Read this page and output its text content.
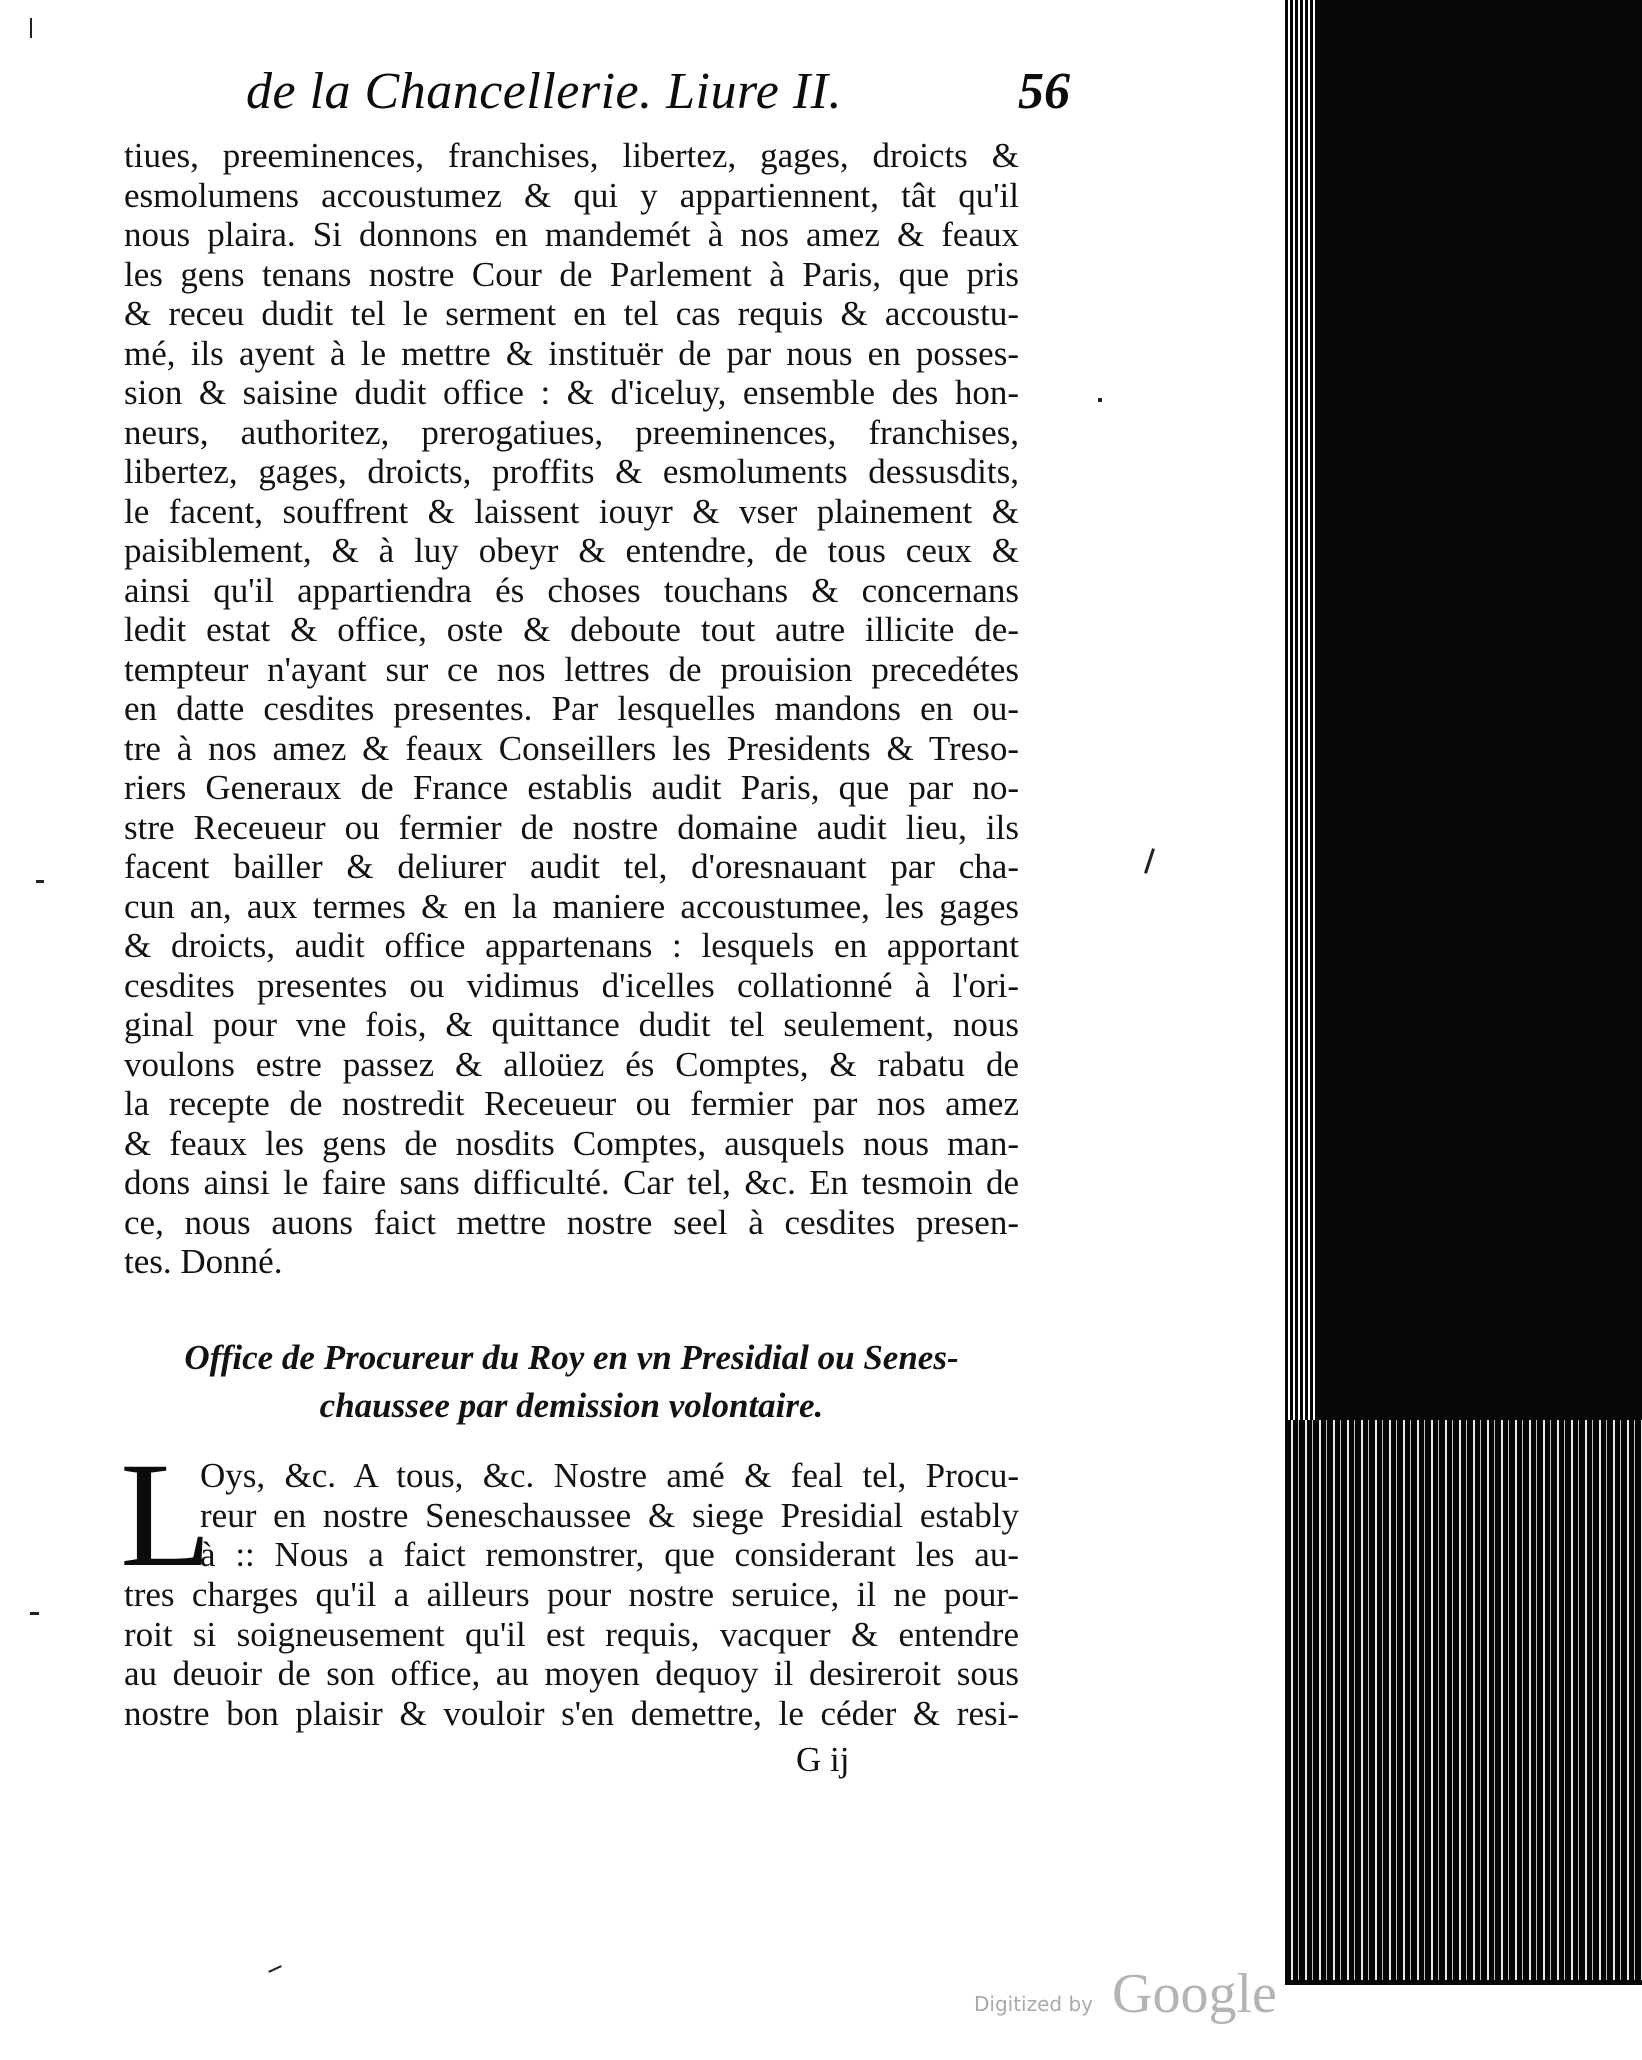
de la Chancellerie. Liure II.	56
tiues, preeminences, franchises, libertez, gages, droicts &
esmolumens accoustumez & qui y appartiennent, tât qu'il
nous plaira. Si donnons en mandemét à nos amez & feaux
les gens tenans nostre Cour de Parlement à Paris, que pris
& receu dudit tel le serment en tel cas requis & accoustu-
mé, ils ayent à le mettre & instituër de par nous en posses-
sion & saisine dudit office : & d'iceluy, ensemble des hon-
neurs, authoritez, prerogatiues, preeminences, franchises,
libertez, gages, droicts, proffits & esmoluments dessusdits,
le facent, souffrent & laissent iouyr & vser plainement &
paisiblement, & à luy obeyr & entendre, de tous ceux &
ainsi qu'il appartiendra és choses touchans & concernans
ledit estat & office, oste & deboute tout autre illicite de-
tempteur n'ayant sur ce nos lettres de prouision precedétes
en datte cesdites presentes. Par lesquelles mandons en ou-
tre à nos amez & feaux Conseillers les Presidents & Treso-
riers Generaux de France establis audit Paris, que par no-
stre Receueur ou fermier de nostre domaine audit lieu, ils
facent bailler & deliurer audit tel, d'oresnauant par cha-
cun an, aux termes & en la maniere accoustumee, les gages
& droicts, audit office appartenans : lesquels en apportant
cesdites presentes ou vidimus d'icelles collationné à l'ori-
ginal pour vne fois, & quittance dudit tel seulement, nous
voulons estre passez & alloüez és Comptes, & rabatu de
la recepte de nostredit Receueur ou fermier par nos amez
& feaux les gens de nosdits Comptes, ausquels nous man-
dons ainsi le faire sans difficulté. Car tel, &c. En tesmoin de
ce, nous auons faict mettre nostre seel à cesdites presen-
tes. Donné.
Office de Procureur du Roy en vn Presidial ou Senes-
chaussee par demission volontaire.
L
Oys, &c. A tous, &c. Nostre amé & feal tel, Procu-
reur en nostre Seneschaussee & siege Presidial estably
à :: Nous a faict remonstrer, que considerant les au-
tres charges qu'il a ailleurs pour nostre seruice, il ne pour-
roit si soigneusement qu'il est requis, vacquer & entendre
au deuoir de son office, au moyen dequoy il desireroit sous
nostre bon plaisir & vouloir s'en demettre, le céder & resi-
G ij
Digitized by Google
